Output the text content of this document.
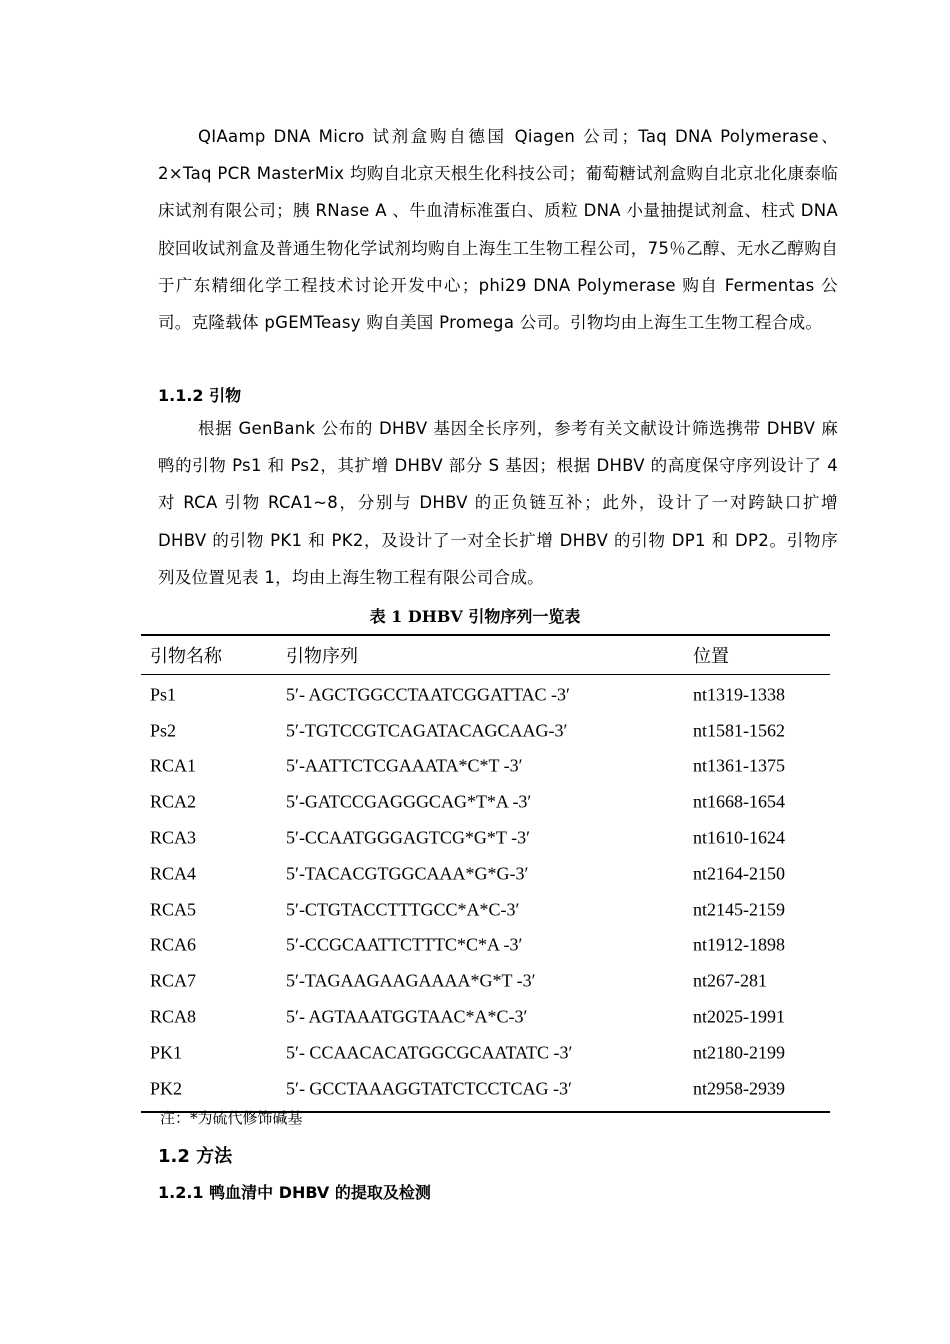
QIAamp DNA Micro 试剂盒购自德国 Qiagen 公司；Taq DNA Polymerase、2×Taq PCR MasterMix 均购自北京天根生化科技公司；葡萄糖试剂盒购自北京北化康泰临床试剂有限公司；胰 RNase A 、牛血清标准蛋白、质粒 DNA 小量抽提试剂盒、柱式 DNA 胶回收试剂盒及普通生物化学试剂均购自上海生工生物工程公司，75％乙醇、无水乙醇购自于广东精细化学工程技术讨论开发中心；phi29 DNA Polymerase 购自 Fermentas 公司。克隆载体 pGEMTeasy 购自美国 Promega 公司。引物均由上海生工生物工程合成。

1.1.2 引物

根据 GenBank 公布的 DHBV 基因全长序列，参考有关文献设计筛选携带 DHBV 麻鸭的引物 Ps1 和 Ps2，其扩增 DHBV 部分 S 基因；根据 DHBV 的高度保守序列设计了 4 对 RCA 引物 RCA1~8，分别与 DHBV 的正负链互补；此外，设计了一对跨缺口扩增 DHBV 的引物 PK1 和 PK2，及设计了一对全长扩增 DHBV 的引物 DP1 和 DP2。引物序列及位置见表 1，均由上海生物工程有限公司合成。

表 1 DHBV 引物序列一览表
引物名称	引物序列	位置
Ps1	5′- AGCTGGCCTAATCGGATTAC -3′	nt1319-1338
Ps2	5′-TGTCCGTCAGATACAGCAAG-3′	nt1581-1562
RCA1	5′-AATTCTCGAAATA*C*T -3′	nt1361-1375
RCA2	5′-GATCCGAGGGCAG*T*A -3′	nt1668-1654
RCA3	5′-CCAATGGGAGTCG*G*T -3′	nt1610-1624
RCA4	5′-TACACGTGGCAAA*G*G-3′	nt2164-2150
RCA5	5′-CTGTACCTTTGCC*A*C-3′	nt2145-2159
RCA6	5′-CCGCAATTCTTTC*C*A -3′	nt1912-1898
RCA7	5′-TAGAAGAAGAAAA*G*T -3′	nt267-281
RCA8	5′- AGTAAATGGTAAC*A*C-3′	nt2025-1991
PK1	5′- CCAACACATGGCGCAATATC -3′	nt2180-2199
PK2	5′- GCCTAAAGGTATCTCCTCAG -3′	nt2958-2939
注：*为硫代修饰碱基
1.2 方法
1.2.1 鸭血清中 DHBV 的提取及检测
